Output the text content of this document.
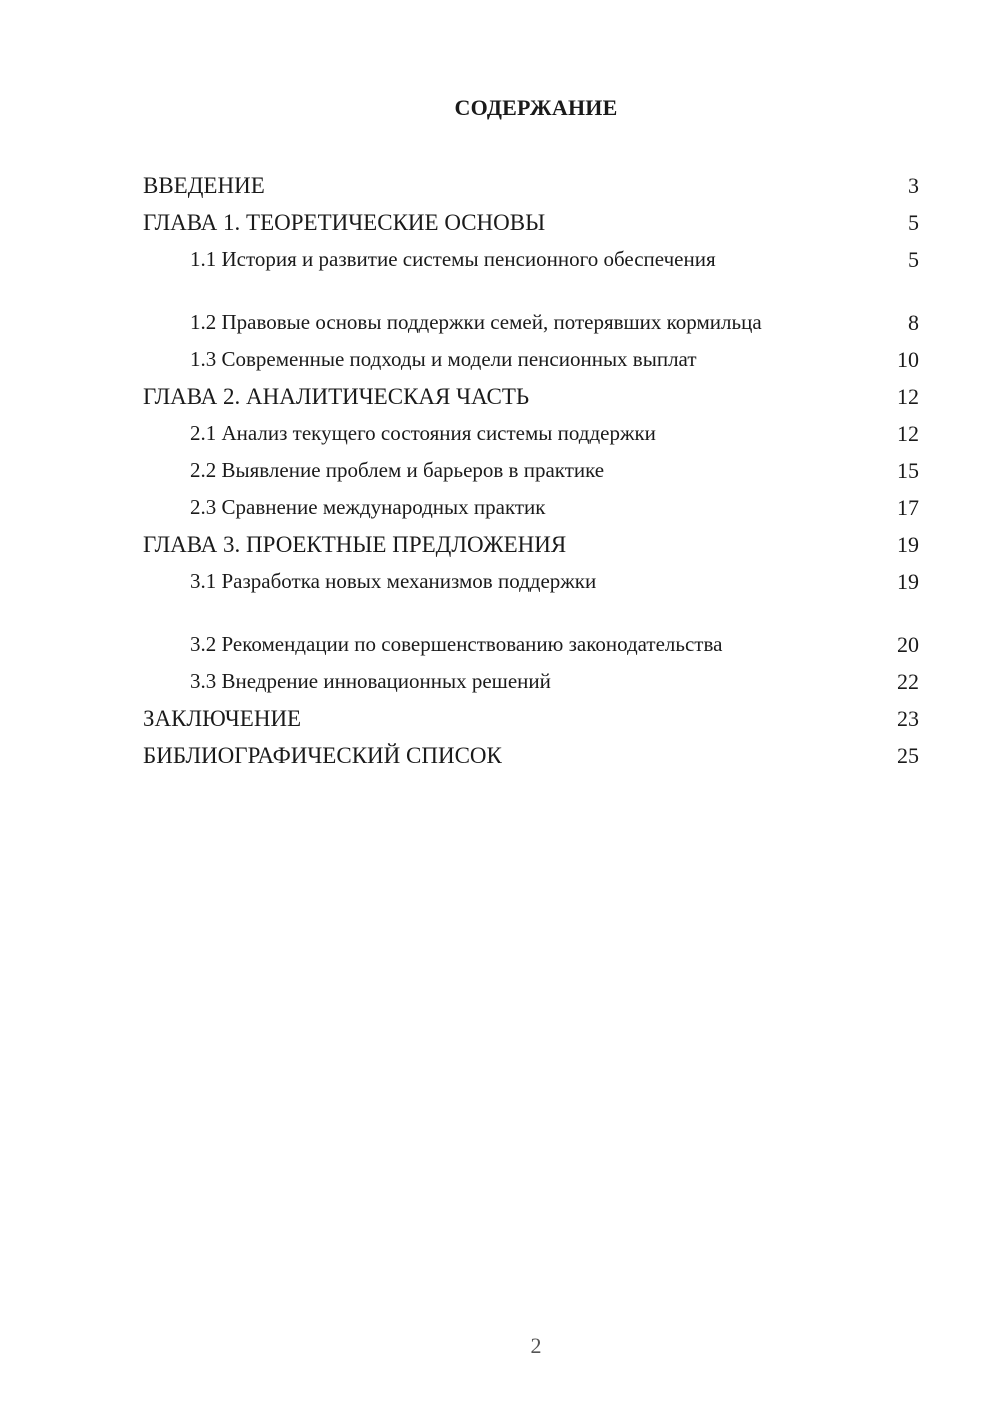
СОДЕРЖАНИЕ
ВВЕДЕНИЕ	3
ГЛАВА 1. ТЕОРЕТИЧЕСКИЕ ОСНОВЫ	5
1.1 История и развитие системы пенсионного обеспечения	5
1.2 Правовые основы поддержки семей, потерявших кормильца	8
1.3 Современные подходы и модели пенсионных выплат	10
ГЛАВА 2. АНАЛИТИЧЕСКАЯ ЧАСТЬ	12
2.1 Анализ текущего состояния системы поддержки	12
2.2 Выявление проблем и барьеров в практике	15
2.3 Сравнение международных практик	17
ГЛАВА 3. ПРОЕКТНЫЕ ПРЕДЛОЖЕНИЯ	19
3.1 Разработка новых механизмов поддержки	19
3.2 Рекомендации по совершенствованию законодательства	20
3.3 Внедрение инновационных решений	22
ЗАКЛЮЧЕНИЕ	23
БИБЛИОГРАФИЧЕСКИЙ СПИСОК	25
2
